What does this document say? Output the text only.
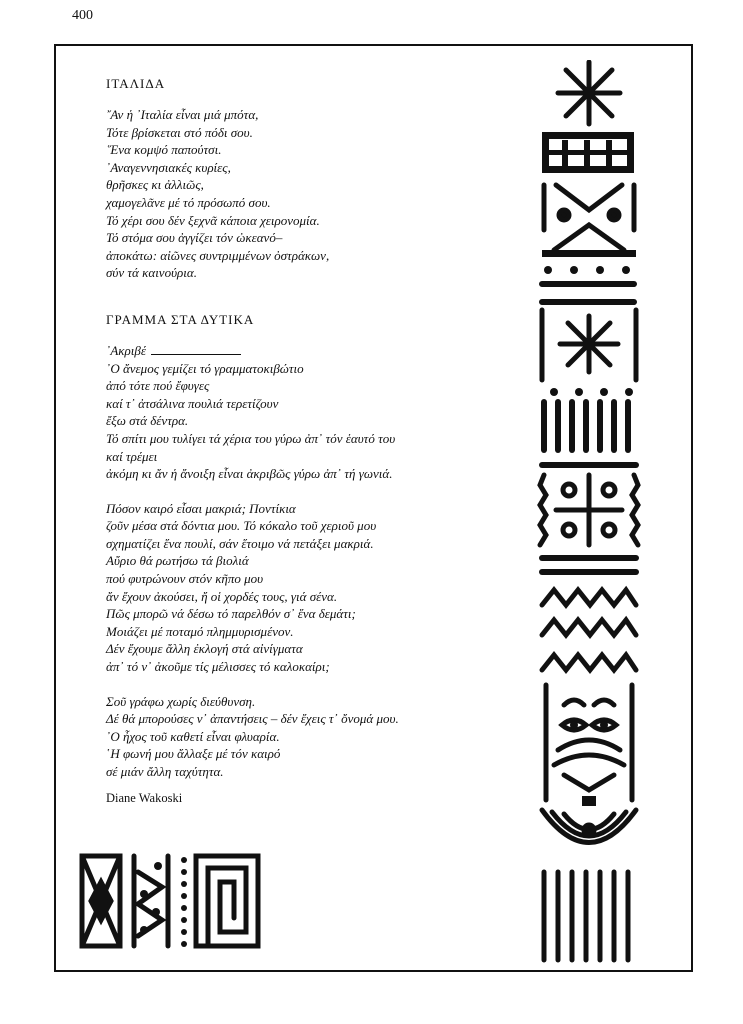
400
ΙΤΑΛΙΔΑ
῎Αν ἡ ᾿Ιταλία εἶναι μιά μπότα,
Τότε βρίσκεται στό πόδι σου.
῞Ενα κομψό παπούτσι.
᾿Αναγεννησιακές κυρίες,
θρῆσκες κι ἀλλιῶς,
χαμογελᾶνε μέ τό πρόσωπό σου.
Τό χέρι σου δέν ξεχνᾶ κάποια χειρονομία.
Τό στόμα σου ἀγγίζει τόν ὠκεανό–
ἀποκάτω: αἰῶνες συντριμμένων ὀστράκων,
σύν τά καινούρια.
ΓΡΑΜΜΑ ΣΤΑ ΔΥΤΙΚΑ
᾿Ακριβέ
᾿Ο ἄνεμος γεμίζει τό γραμματοκιβώτιο
ἀπό τότε πού ἔφυγες
καί τ᾿ ἀτσάλινα πουλιά τερετίζουν
ἔξω στά δέντρα.
Τό σπίτι μου τυλίγει τά χέρια του γύρω ἀπ᾿ τόν ἑαυτό του
καί τρέμει
ἀκόμη κι ἄν ἡ ἄνοιξη εἶναι ἀκριβῶς γύρω ἀπ᾿ τή γωνιά.
Πόσον καιρό εἶσαι μακριά; Ποντίκια
ζοῦν μέσα στά δόντια μου. Τό κόκαλο τοῦ χεριοῦ μου
σχηματίζει ἕνα πουλί, σάν ἕτοιμο νά πετάξει μακριά.
Αὔριο θά ρωτήσω τά βιολιά
πού φυτρώνουν στόν κῆπο μου
ἄν ἔχουν ἀκούσει, ἤ οἱ χορδές τους, γιά σένα.
Πῶς μπορῶ νά δέσω τό παρελθόν σ᾿ ἕνα δεμάτι;
Μοιάζει μέ ποταμό πλημμυρισμένον.
Δέν ἔχουμε ἄλλη ἐκλογή στά αἰνίγματα
ἀπ᾿ τό ν᾿ ἀκοῦμε τίς μέλισσες τό καλοκαίρι;
Σοῦ γράφω χωρίς διεύθυνση.
Δέ θά μπορούσες ν᾿ ἀπαντήσεις – δέν ἔχεις τ᾿ ὄνομά μου.
᾿Ο ἦχος τοῦ καθετί εἶναι φλυαρία.
῾Η φωνή μου ἄλλαξε μέ τόν καιρό
σέ μιάν ἄλλη ταχύτητα.
Diane Wakoski
